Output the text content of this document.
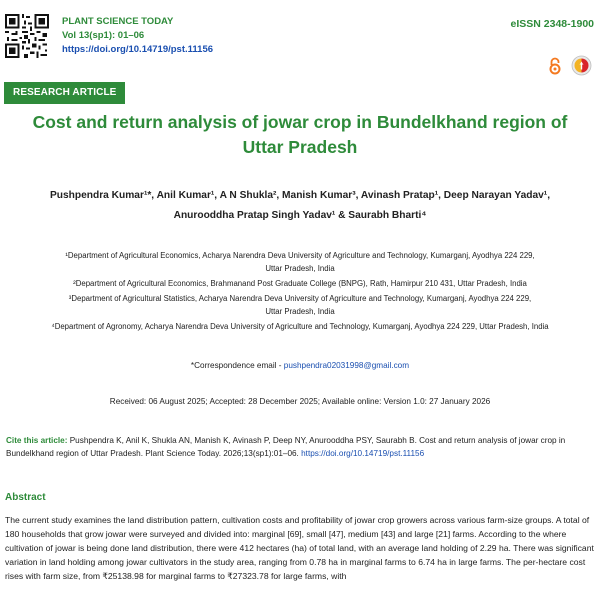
PLANT SCIENCE TODAY
Vol 13(sp1): 01–06
https://doi.org/10.14719/pst.11156
eISSN 2348-1900
RESEARCH ARTICLE
Cost and return analysis of jowar crop in Bundelkhand region of
Uttar Pradesh
Pushpendra Kumar¹*, Anil Kumar¹, A N Shukla², Manish Kumar³, Avinash Pratap¹, Deep Narayan Yadav¹,
Anurooddha Pratap Singh Yadav¹ & Saurabh Bharti⁴
¹Department of Agricultural Economics, Acharya Narendra Deva University of Agriculture and Technology, Kumarganj, Ayodhya 224 229,
Uttar Pradesh, India
²Department of Agricultural Economics, Brahmanand Post Graduate College (BNPG), Rath, Hamirpur 210 431, Uttar Pradesh, India
³Department of Agricultural Statistics, Acharya Narendra Deva University of Agriculture and Technology, Kumarganj, Ayodhya 224 229,
Uttar Pradesh, India
⁴Department of Agronomy, Acharya Narendra Deva University of Agriculture and Technology, Kumarganj, Ayodhya 224 229, Uttar Pradesh, India
*Correspondence email - pushpendra02031998@gmail.com
Received: 06 August 2025; Accepted: 28 December 2025; Available online: Version 1.0: 27 January 2026
Cite this article: Pushpendra K, Anil K, Shukla AN, Manish K, Avinash P, Deep NY, Anurooddha PSY, Saurabh B. Cost and return analysis of jowar crop in Bundelkhand region of Uttar Pradesh. Plant Science Today. 2026;13(sp1):01–06. https://doi.org/10.14719/pst.11156
Abstract
The current study examines the land distribution pattern, cultivation costs and profitability of jowar crop growers across various farm-size groups. A total of 180 households that grow jowar were surveyed and divided into: marginal [69], small [47], medium [43] and large [21] farms. According to the where cultivation of jowar is being done land distribution, there were 412 hectares (ha) of total land, with an average land holding of 2.29 ha. There was significant variation in land holding among jowar cultivators in the study area, ranging from 0.78 ha in marginal farms to 6.74 ha in large farms. The per-hectare cost rises with farm size, from ₹25138.98 for marginal farms to ₹27323.78 for large farms, with
